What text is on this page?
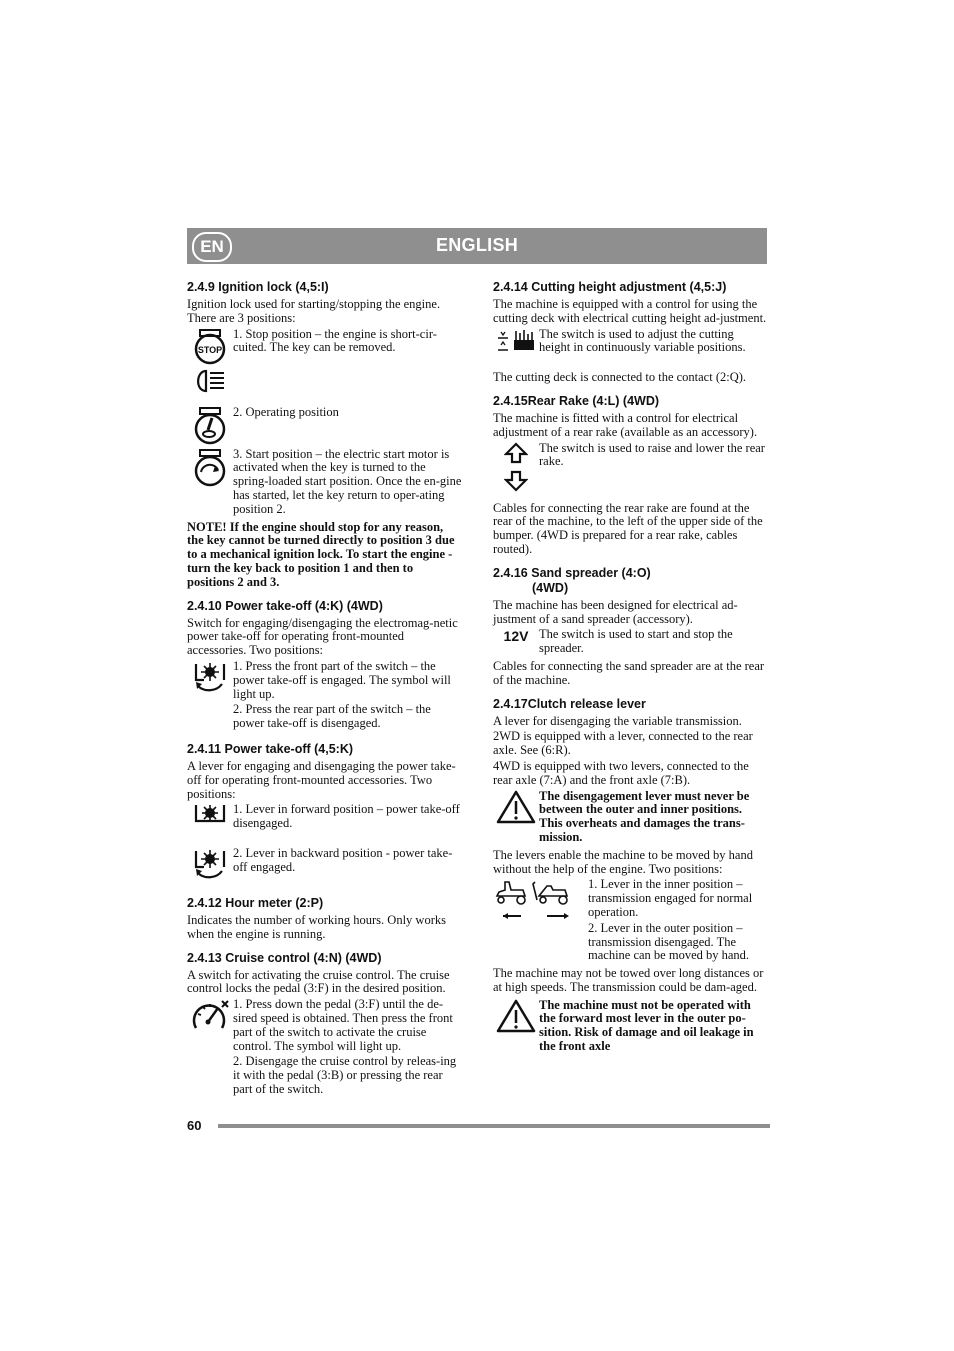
EN	ENGLISH
2.4.9 Ignition lock (4,5:I)

Ignition lock used for starting/stopping the engine. There are 3 positions:

STOP

1. Stop position – the engine is short-cir-cuited. The key can be removed.

2. Operating position

3. Start position – the electric start motor is activated when the key is turned to the spring-loaded start position. Once the en-gine has started, let the key return to oper-ating position 2.

NOTE! If the engine should stop for any reason, the key cannot be turned directly to position 3 due to a mechanical ignition lock. To start the engine - turn the key back to position 1 and then to positions 2 and 3.

2.4.10 Power take-off (4:K) (4WD)

Switch for engaging/disengaging the electromag-netic power take-off for operating front-mounted accessories. Two positions:

1. Press the front part of the switch – the power take-off is engaged. The symbol will light up.

2. Press the rear part of the switch – the power take-off is disengaged.

2.4.11 Power take-off (4,5:K)

A lever for engaging and disengaging the power take-off for operating front-mounted accessories. Two positions:

1. Lever in forward position – power take-off disengaged.

2. Lever in backward position - power take-off engaged.

2.4.12 Hour meter (2:P)

Indicates the number of working hours. Only works when the engine is running.

2.4.13 Cruise control (4:N) (4WD)

A switch for activating the cruise control. The cruise control locks the pedal (3:F) in the desired position.

1. Press down the pedal (3:F) until the de-sired speed is obtained. Then press the front part of the switch to activate the cruise control. The symbol will light up.

2. Disengage the cruise control by releas-ing it with the pedal (3:B) or pressing the rear part of the switch.

2.4.14 Cutting height adjustment (4,5:J)

The machine is equipped with a control for using the cutting deck with electrical cutting height ad-justment.

The switch is used to adjust the cutting height in continuously variable positions.

The cutting deck is connected to the contact (2:Q).

2.4.15Rear Rake (4:L) (4WD)

The machine is fitted with a control for electrical adjustment of a rear rake (available as an accessory).

The switch is used to raise and lower the rear rake.

Cables for connecting the rear rake are found at the rear of the machine, to the left of the upper side of the bumper. (4WD is prepared for a rear rake, cables routed).

2.4.16 Sand spreader (4:O)
(4WD)

The machine has been designed for electrical ad-justment of a sand spreader (accessory).

12V The switch is used to start and stop the spreader.

Cables for connecting the sand spreader are at the rear of the machine.

2.4.17Clutch release lever

A lever for disengaging the variable transmission.

2WD is equipped with a lever, connected to the rear axle. See (6:R).

4WD is equipped with two levers, connected to the rear axle (7:A) and the front axle (7:B).

The disengagement lever must never be between the outer and inner positions. This overheats and damages the trans-mission.

The levers enable the machine to be moved by hand without the help of the engine. Two positions:

1. Lever in the inner position – transmission engaged for normal operation.

2. Lever in the outer position – transmission disengaged. The machine can be moved by hand.

The machine may not be towed over long distances or at high speeds. The transmission could be dam-aged.

The machine must not be operated with the forward most lever in the outer po-sition. Risk of damage and oil leakage in the front axle

60
